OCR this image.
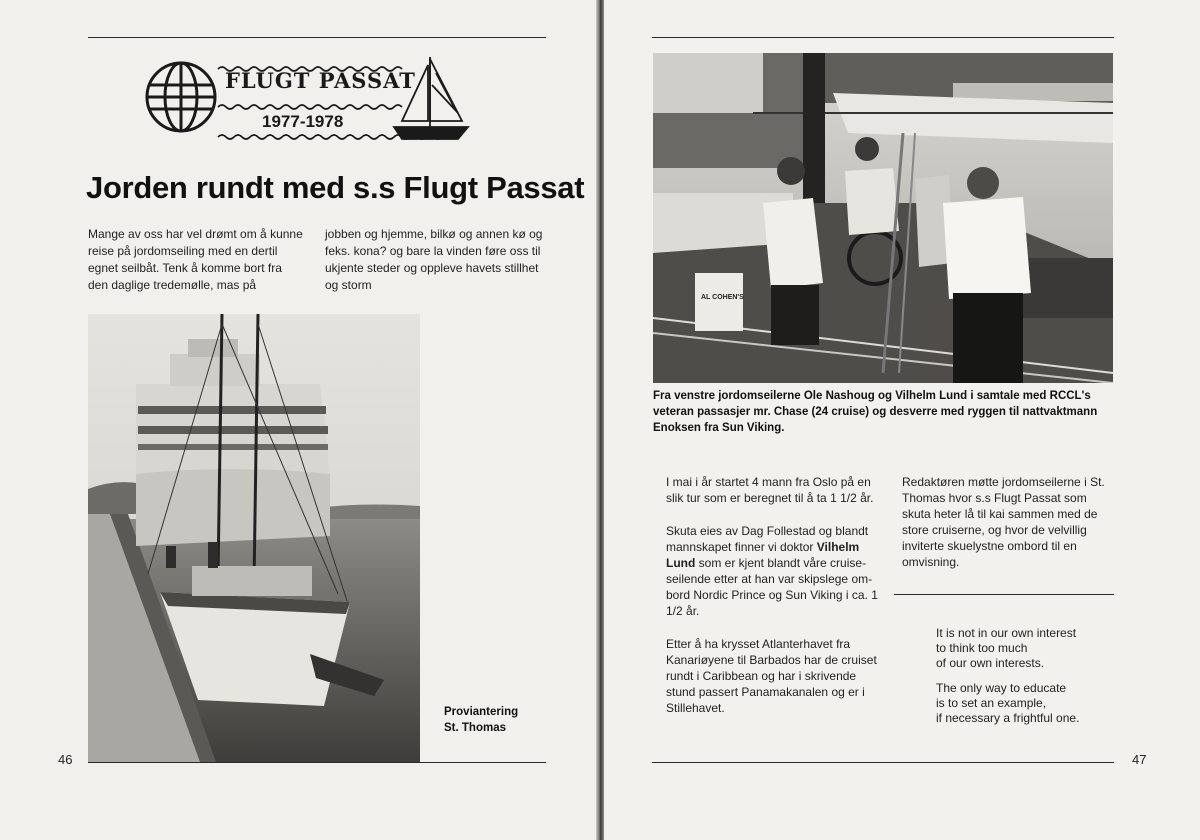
FLUGT PASSAT
1977-1978
Jorden rundt med s.s Flugt Passat
Mange av oss har vel drømt om å kunne reise på jordomseiling med en dertil egnet seilbåt. Tenk å komme bort fra den daglige tredemølle, mas på
jobben og hjemme, bilkø og annen kø og feks. kona? og bare la vinden føre oss til ukjente steder og oppleve havets stillhet og storm
Proviantering
St. Thomas
46
AL COHEN'S
Fra venstre jordomseilerne Ole Nashoug og Vilhelm Lund i samtale med RCCL's veteran passasjer mr. Chase (24 cruise) og desverre med ryggen til nattvaktmann Enoksen fra Sun Viking.

I mai i år startet 4 mann fra Oslo på en slik tur som er beregnet til å ta 1 1/2 år.

Skuta eies av Dag Follestad og blandt mannskapet finner vi doktor Vilhelm Lund som er kjent blandt våre cruise-seilende etter at han var skipslege om-bord Nordic Prince og Sun Viking i ca. 1 1/2 år.

Etter å ha krysset Atlanterhavet fra Kanariøyene til Barbados har de cruiset rundt i Caribbean og har i skrivende stund passert Panamakanalen og er i Stillehavet.

Redaktøren møtte jordomseilerne i St. Thomas hvor s.s Flugt Passat som skuta heter lå til kai sammen med de store cruiserne, og hvor de velvillig inviterte skuelystne ombord til en omvisning.

It is not in our own interest
to think too much
of our own interests.
The only way to educate
is to set an example,
if necessary a frightful one.
47
